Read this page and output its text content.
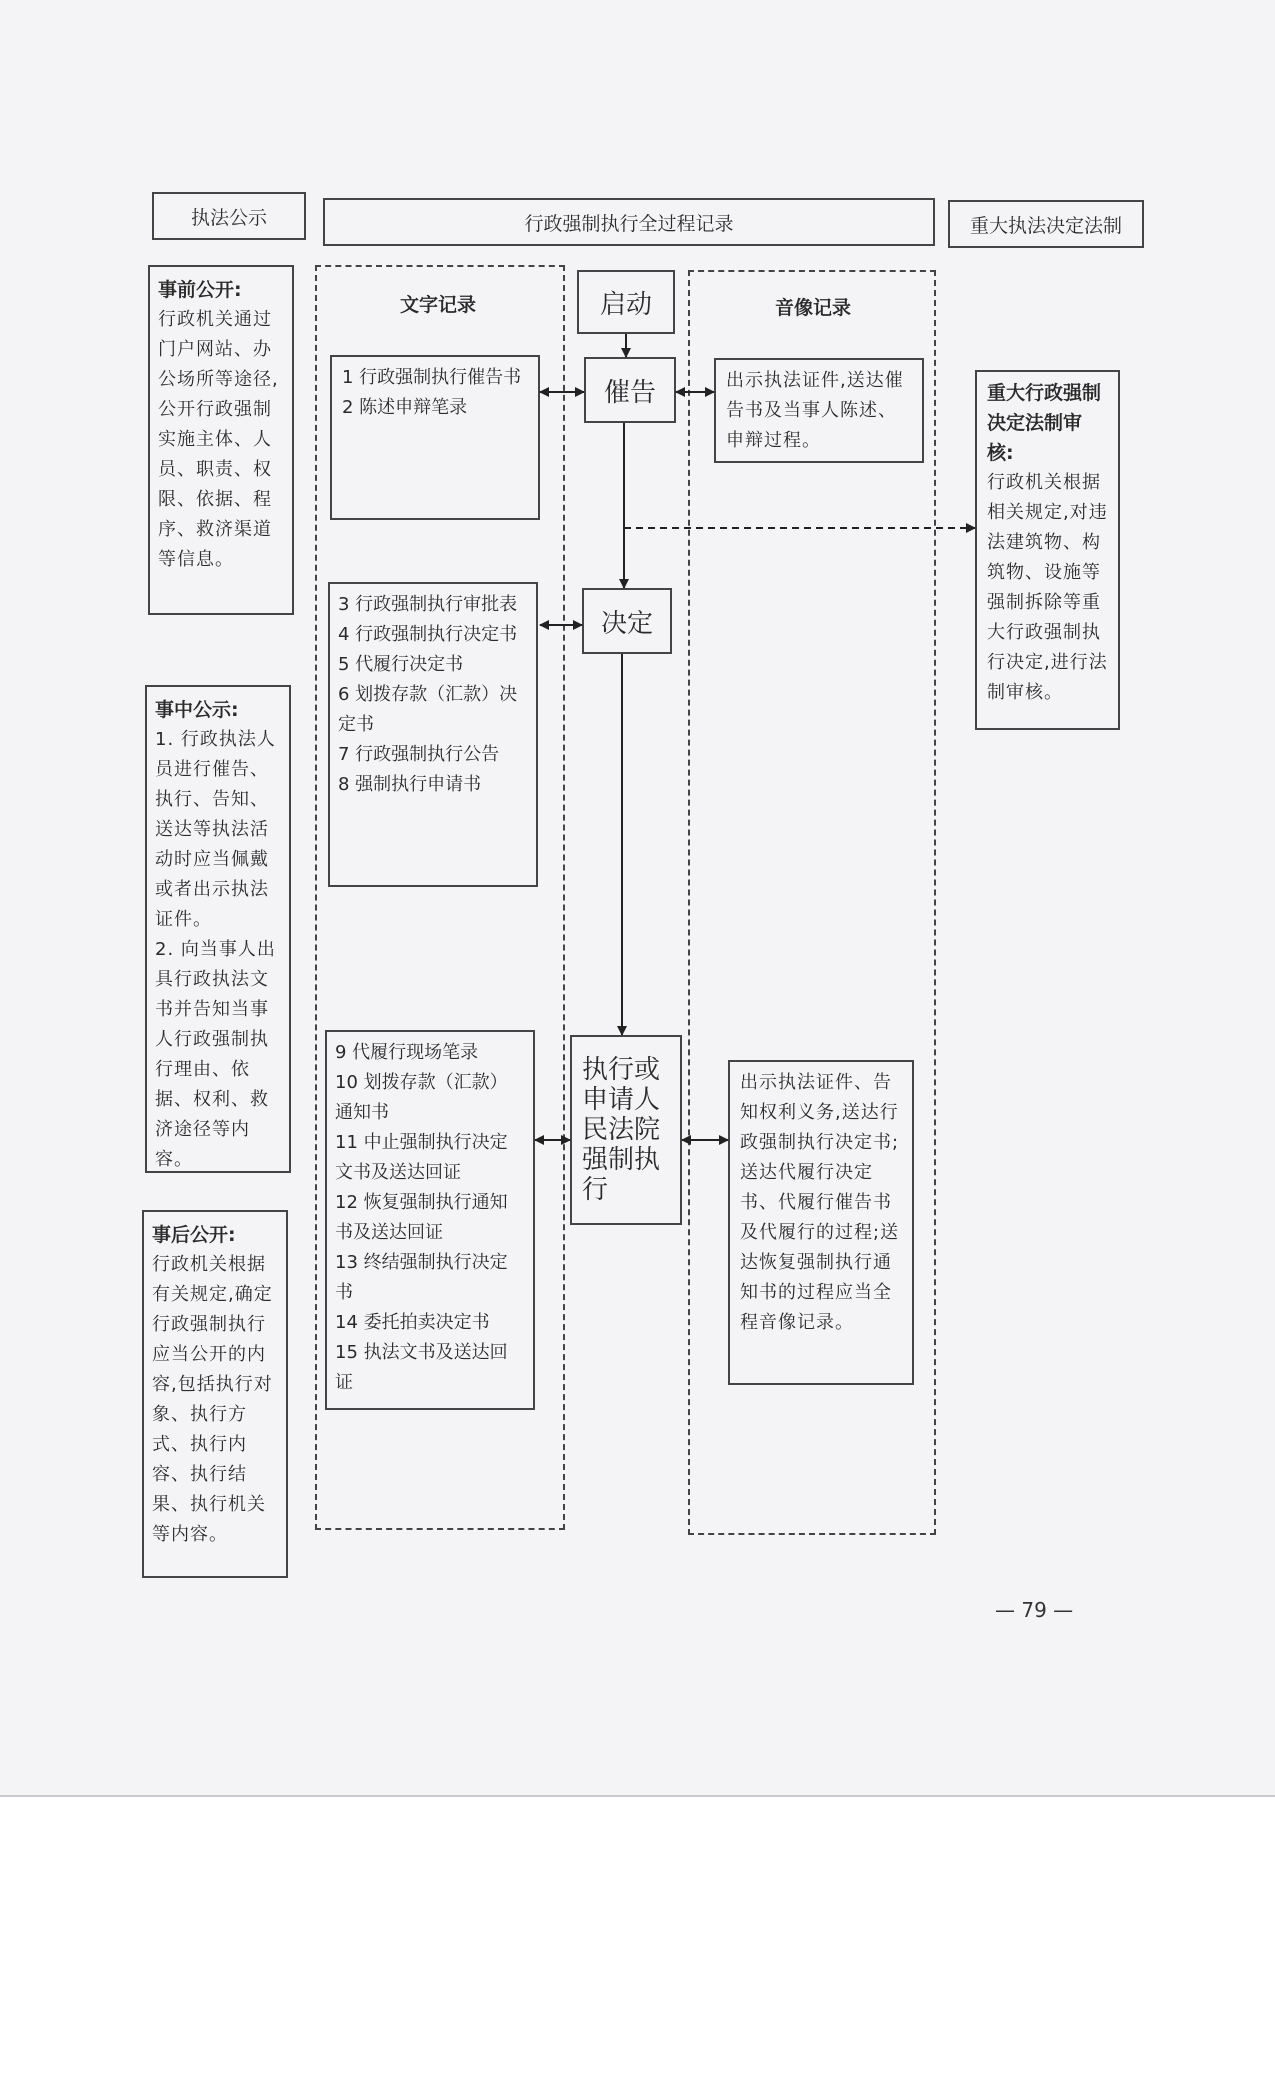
执法公示	行政强制执行全过程记录	重大执法决定法制
事前公开:
行政机关通过门户网站、办公场所等途径,公开行政强制实施主体、人员、职责、权限、依据、程序、救济渠道等信息。
事中公示:
1. 行政执法人员进行催告、执行、告知、送达等执法活动时应当佩戴或者出示执法证件。
2. 向当事人出具行政执法文书并告知当事人行政强制执行理由、依据、权利、救济途径等内容。
事后公开:
行政机关根据有关规定,确定行政强制执行应当公开的内容,包括执行对象、执行方式、执行内容、执行结果、执行机关等内容。
文字记录
1 行政强制执行催告书
2 陈述申辩笔录
3 行政强制执行审批表
4 行政强制执行决定书
5 代履行决定书
6 划拨存款（汇款）决定书
7 行政强制执行公告
8 强制执行申请书
9 代履行现场笔录
10 划拨存款（汇款）通知书
11 中止强制执行决定文书及送达回证
12 恢复强制执行通知书及送达回证
13 终结强制执行决定书
14 委托拍卖决定书
15 执法文书及送达回证
启动
催告
决定
执行或申请人民法院强制执行
音像记录
出示执法证件,送达催告书及当事人陈述、申辩过程。
出示执法证件、告知权利义务,送达行政强制执行决定书;送达代履行决定书、代履行催告书及代履行的过程;送达恢复强制执行通知书的过程应当全程音像记录。
重大行政强制决定法制审核:
行政机关根据相关规定,对违法建筑物、构筑物、设施等强制拆除等重大行政强制执行决定,进行法制审核。
— 79 —
